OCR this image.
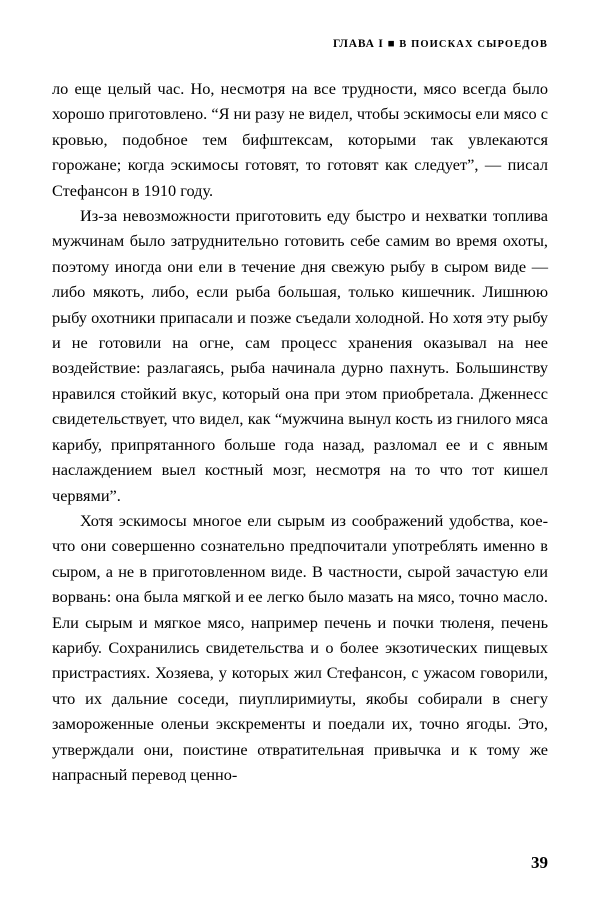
ГЛАВА I ■ В ПОИСКАХ СЫРОЕДОВ

ло еще целый час. Но, несмотря на все трудности, мясо всегда было хорошо приготовлено. “Я ни разу не видел, чтобы эскимосы ели мясо с кровью, подобное тем бифштексам, которыми так увлекаются горожане; когда эскимосы готовят, то готовят как следует”, — писал Стефансон в 1910 году.

Из-за невозможности приготовить еду быстро и нехватки топлива мужчинам было затруднительно готовить себе самим во время охоты, поэтому иногда они ели в течение дня свежую рыбу в сыром виде — либо мякоть, либо, если рыба большая, только кишечник. Лишнюю рыбу охотники припасали и позже съедали холодной. Но хотя эту рыбу и не готовили на огне, сам процесс хранения оказывал на нее воздействие: разлагаясь, рыба начинала дурно пахнуть. Большинству нравился стойкий вкус, который она при этом приобретала. Дженнесс свидетельствует, что видел, как “мужчина вынул кость из гнилого мяса карибу, припрятанного больше года назад, разломал ее и с явным наслаждением выел костный мозг, несмотря на то что тот кишел червями”.

Хотя эскимосы многое ели сырым из соображений удобства, кое-что они совершенно сознательно предпочитали употреблять именно в сыром, а не в приготовленном виде. В частности, сырой зачастую ели ворвань: она была мягкой и ее легко было мазать на мясо, точно масло. Ели сырым и мягкое мясо, например печень и почки тюленя, печень карибу. Сохранились свидетельства и о более экзотических пищевых пристрастиях. Хозяева, у которых жил Стефансон, с ужасом говорили, что их дальние соседи, пиуплиримиуты, якобы собирали в снегу замороженные оленьи экскременты и поедали их, точно ягоды. Это, утверждали они, поистине отвратительная привычка и к тому же напрасный перевод ценно-

39
